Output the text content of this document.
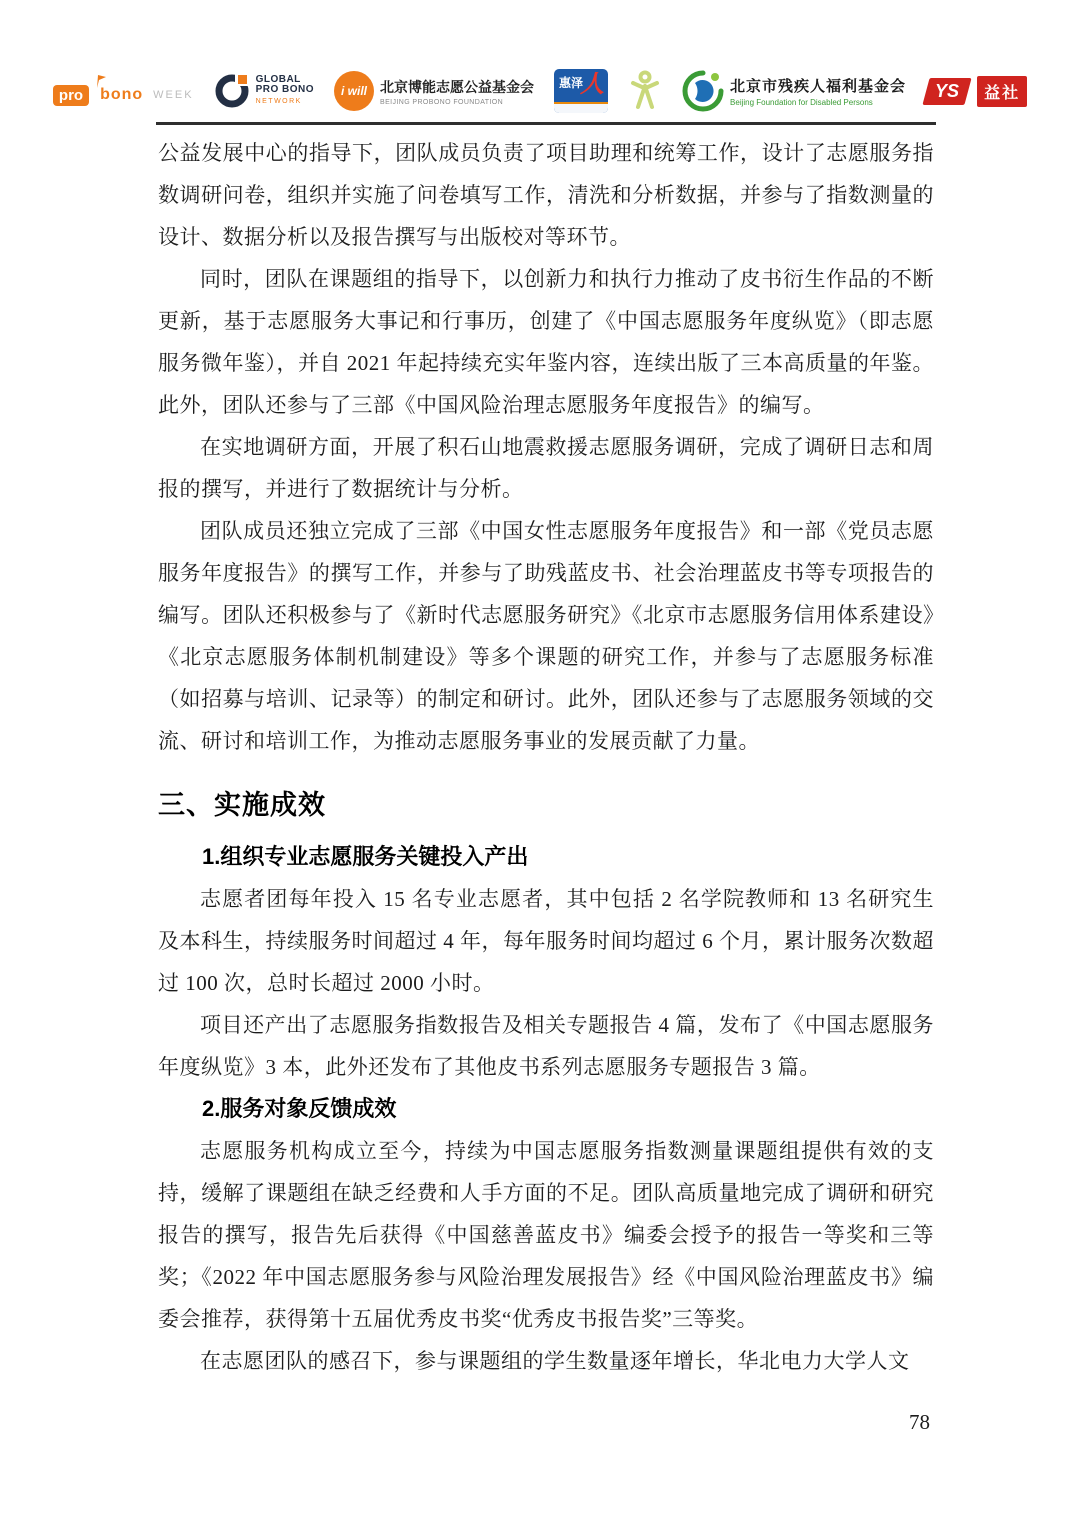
pro	bono WEEK
GLOBAL
PRO BONO
NETWORK
i will 北京博能志愿公益基金会
BEIJING PROBONO FOUNDATION
惠泽
人	北京市残疾人福利基金会
Beijing Foundation for Disabled Persons
YS	益社

公益发展中心的指导下，团队成员负责了项目助理和统筹工作，设计了志愿服务指数调研问卷，组织并实施了问卷填写工作，清洗和分析数据，并参与了指数测量的设计、数据分析以及报告撰写与出版校对等环节。

同时，团队在课题组的指导下，以创新力和执行力推动了皮书衍生作品的不断更新，基于志愿服务大事记和行事历，创建了《中国志愿服务年度纵览》（即志愿服务微年鉴），并自 2021 年起持续充实年鉴内容，连续出版了三本高质量的年鉴。此外，团队还参与了三部《中国风险治理志愿服务年度报告》的编写。

在实地调研方面，开展了积石山地震救援志愿服务调研，完成了调研日志和周报的撰写，并进行了数据统计与分析。

团队成员还独立完成了三部《中国女性志愿服务年度报告》和一部《党员志愿服务年度报告》的撰写工作，并参与了助残蓝皮书、社会治理蓝皮书等专项报告的编写。团队还积极参与了《新时代志愿服务研究》《北京市志愿服务信用体系建设》《北京志愿服务体制机制建设》等多个课题的研究工作，并参与了志愿服务标准（如招募与培训、记录等）的制定和研讨。此外，团队还参与了志愿服务领域的交流、研讨和培训工作，为推动志愿服务事业的发展贡献了力量。

三、实施成效
1.组织专业志愿服务关键投入产出

志愿者团每年投入 15 名专业志愿者，其中包括 2 名学院教师和 13 名研究生及本科生，持续服务时间超过 4 年，每年服务时间均超过 6 个月，累计服务次数超过 100 次，总时长超过 2000 小时。

项目还产出了志愿服务指数报告及相关专题报告 4 篇，发布了《中国志愿服务年度纵览》3 本，此外还发布了其他皮书系列志愿服务专题报告 3 篇。

2.服务对象反馈成效

志愿服务机构成立至今，持续为中国志愿服务指数测量课题组提供有效的支持，缓解了课题组在缺乏经费和人手方面的不足。团队高质量地完成了调研和研究报告的撰写，报告先后获得《中国慈善蓝皮书》编委会授予的报告一等奖和三等奖；《2022 年中国志愿服务参与风险治理发展报告》经《中国风险治理蓝皮书》编委会推荐，获得第十五届优秀皮书奖“优秀皮书报告奖”三等奖。

在志愿团队的感召下，参与课题组的学生数量逐年增长，华北电力大学人文

78
